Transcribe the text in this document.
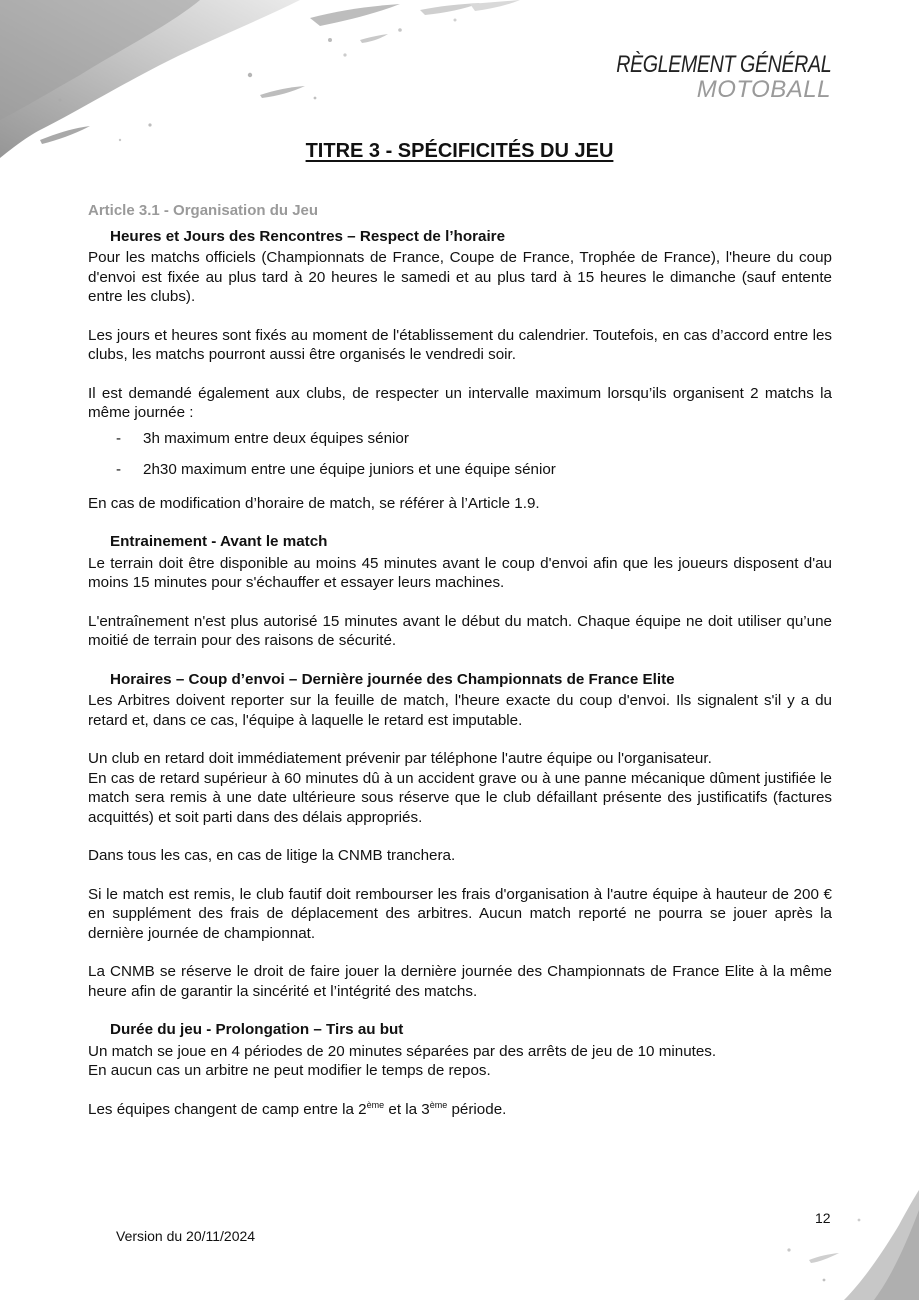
RÈGLEMENT GÉNÉRAL
MOTOBALL
TITRE 3 - SPÉCIFICITÉS DU JEU
Article 3.1 - Organisation du Jeu
Heures et Jours des Rencontres – Respect de l’horaire

Pour les matchs officiels (Championnats de France, Coupe de France, Trophée de France), l'heure du coup d'envoi est fixée au plus tard à 20 heures le samedi et au plus tard à 15 heures le dimanche (sauf entente entre les clubs).

Les jours et heures sont fixés au moment de l'établissement du calendrier. Toutefois, en cas d’accord entre les clubs, les matchs pourront aussi être organisés le vendredi soir.

Il est demandé également aux clubs, de respecter un intervalle maximum lorsqu’ils organisent 2 matchs la même journée :

- 3h maximum entre deux équipes sénior
- 2h30 maximum entre une équipe juniors et une équipe sénior

En cas de modification d’horaire de match, se référer à l’Article 1.9.

Entrainement - Avant le match

Le terrain doit être disponible au moins 45 minutes avant le coup d'envoi afin que les joueurs disposent d'au moins 15 minutes pour s'échauffer et essayer leurs machines.

L'entraînement n'est plus autorisé 15 minutes avant le début du match. Chaque équipe ne doit utiliser qu’une moitié de terrain pour des raisons de sécurité.

Horaires – Coup d’envoi – Dernière journée des Championnats de France Elite

Les Arbitres doivent reporter sur la feuille de match, l'heure exacte du coup d'envoi. Ils signalent s'il y a du retard et, dans ce cas, l'équipe à laquelle le retard est imputable.

Un club en retard doit immédiatement prévenir par téléphone l'autre équipe ou l'organisateur.

En cas de retard supérieur à 60 minutes dû à un accident grave ou à une panne mécanique dûment justifiée le match sera remis à une date ultérieure sous réserve que le club défaillant présente des justificatifs (factures acquittés) et soit parti dans des délais appropriés.

Dans tous les cas, en cas de litige la CNMB tranchera.

Si le match est remis, le club fautif doit rembourser les frais d'organisation à l'autre équipe à hauteur de 200 € en supplément des frais de déplacement des arbitres. Aucun match reporté ne pourra se jouer après la dernière journée de championnat.

La CNMB se réserve le droit de faire jouer la dernière journée des Championnats de France Elite à la même heure afin de garantir la sincérité et l’intégrité des matchs.

Durée du jeu - Prolongation – Tirs au but

Un match se joue en 4 périodes de 20 minutes séparées par des arrêts de jeu de 10 minutes.

En aucun cas un arbitre ne peut modifier le temps de repos.

Les équipes changent de camp entre la 2ème et la 3ème période.

Version du 20/11/2024
12
